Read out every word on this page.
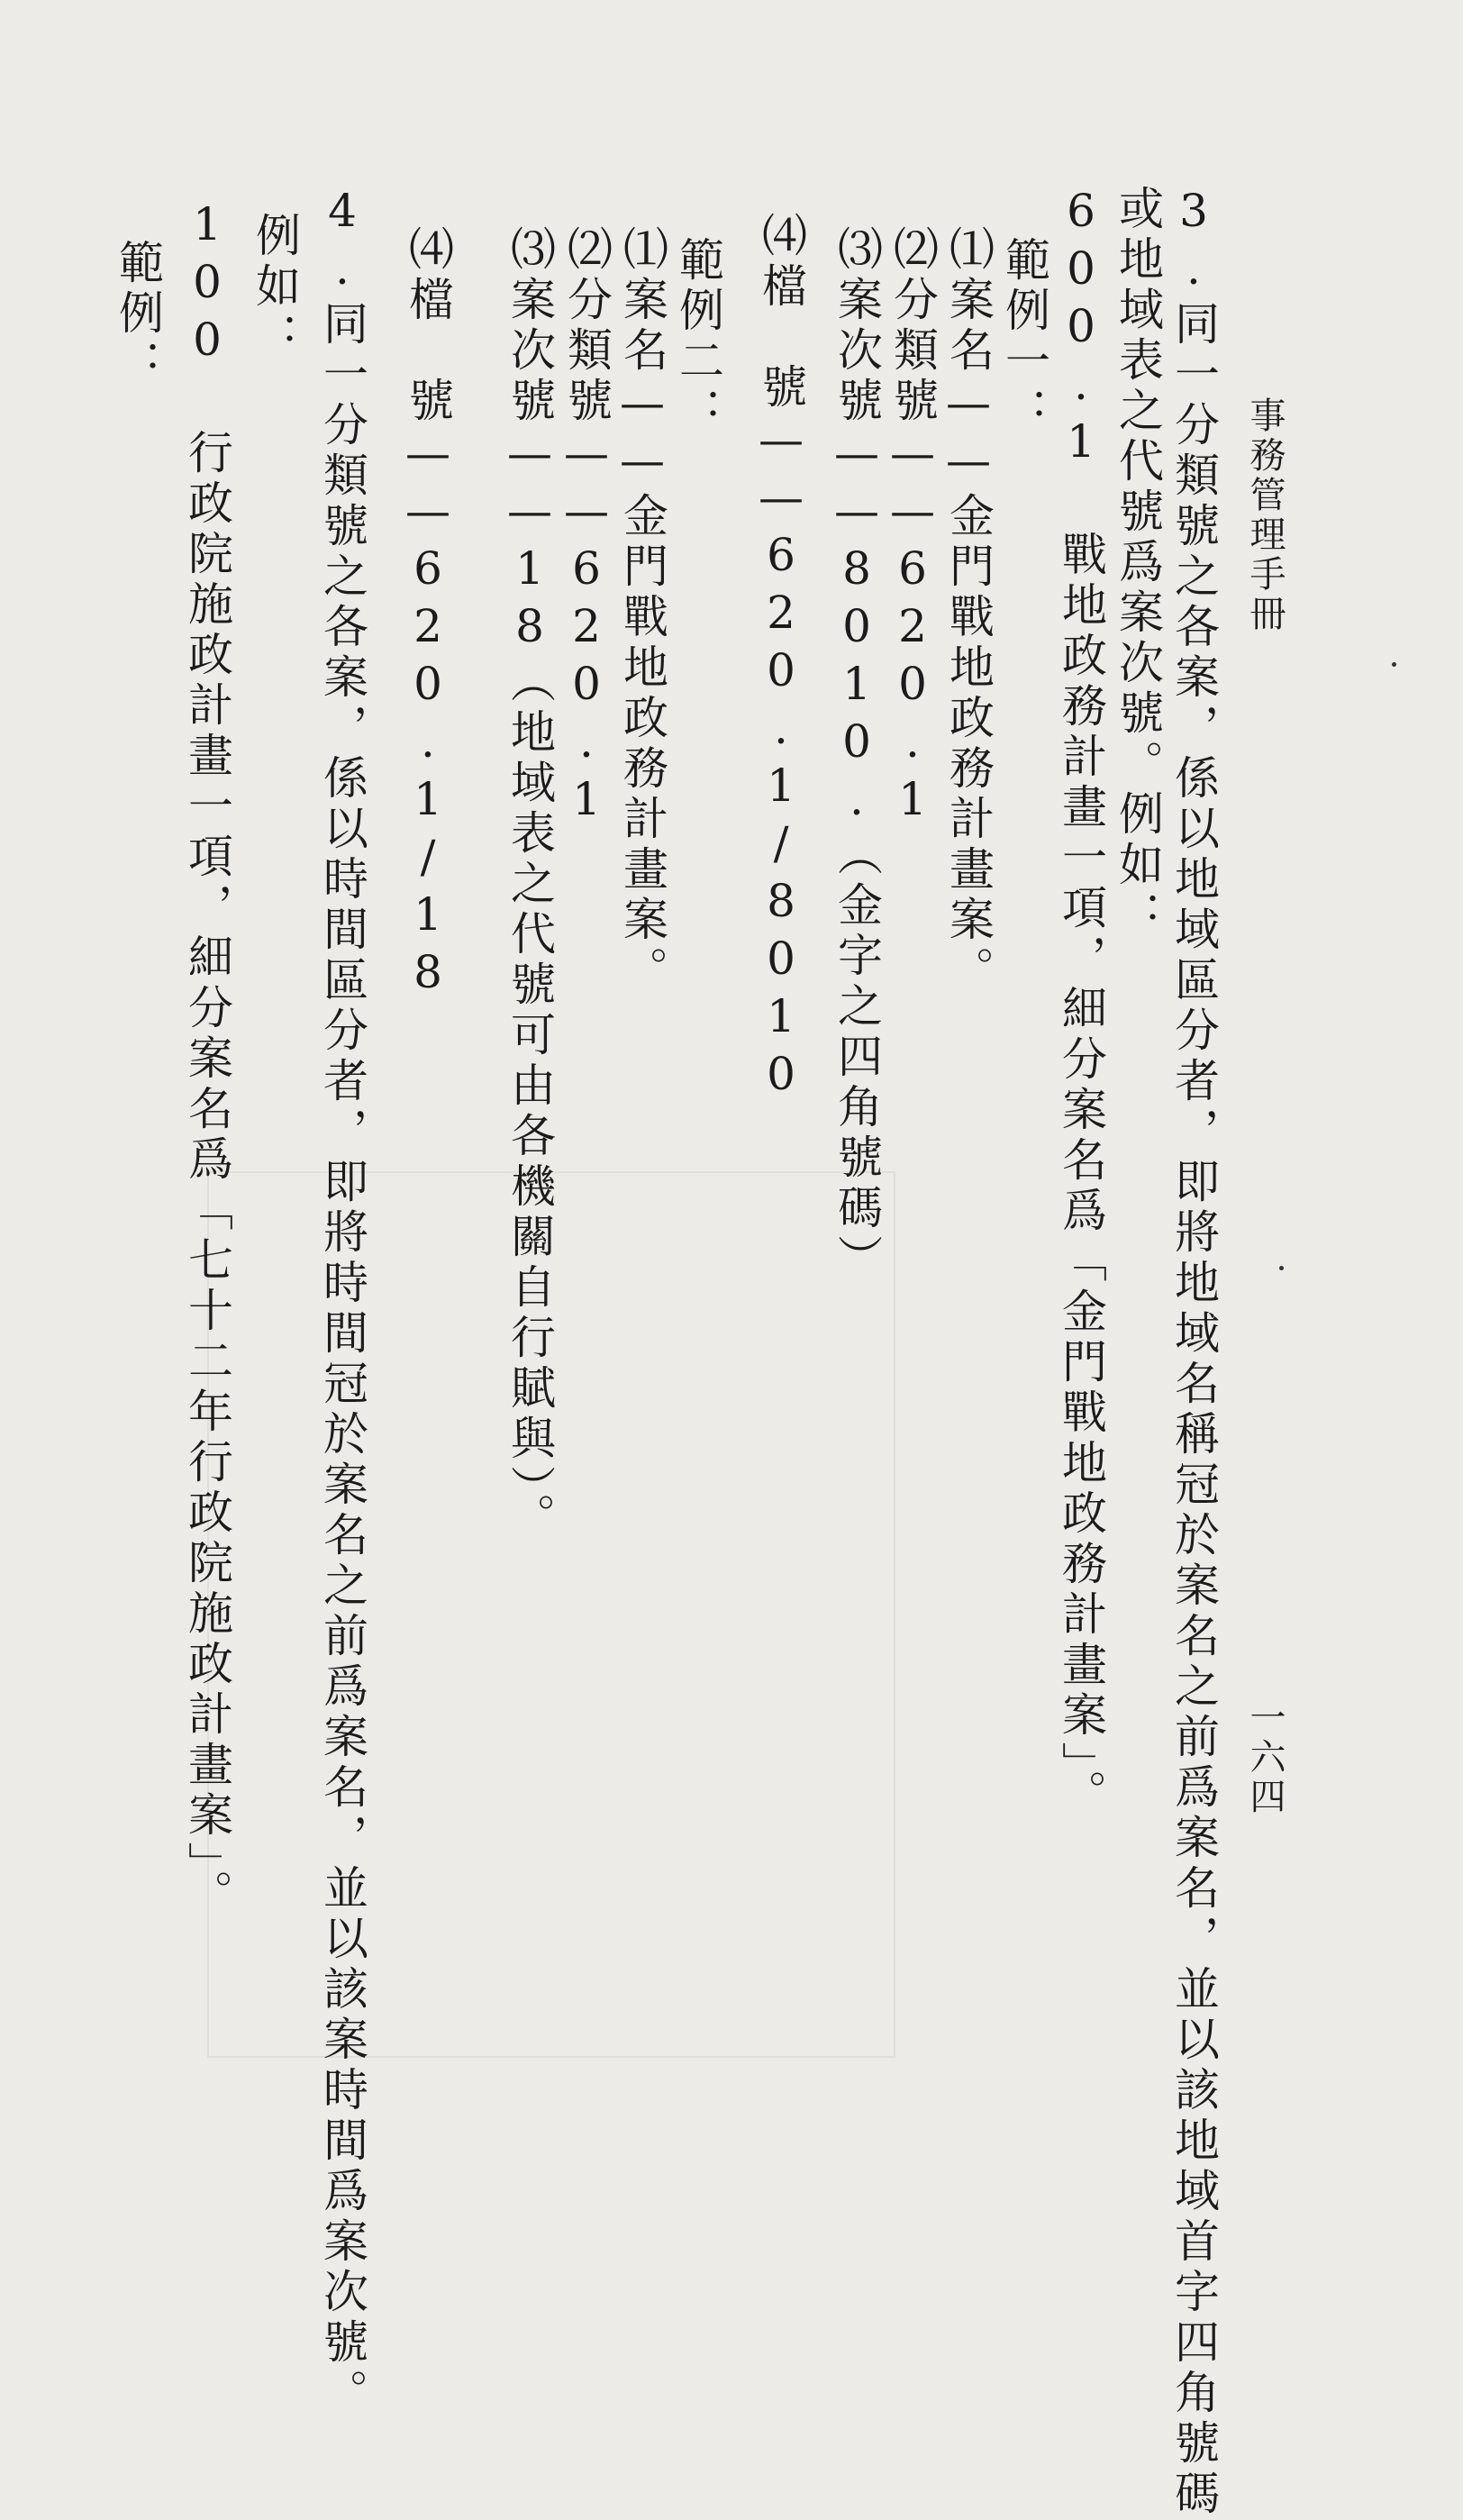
事務管理手冊
一六四
3.同一分類號之各案，係以地域區分者，即將地域名稱冠於案名之前爲案名，並以該地域首字四角號碼
或地域表之代號爲案次號。例如：
600.1 戰地政務計畫一項，細分案名爲「金門戰地政務計畫案」。
範例一：
⑴案名——金門戰地政務計畫案。
⑵分類號——620.1
⑶案次號——8010.（金字之四角號碼）
⑷檔　號——620.1/8010
範例二：
⑴案名——金門戰地政務計畫案。
⑵分類號——620.1
⑶案次號——18（地域表之代號可由各機關自行賦與）。
⑷檔　號——620.1/18
4.同一分類號之各案，係以時間區分者，即將時間冠於案名之前爲案名，並以該案時間爲案次號。
例如：
100 行政院施政計畫一項，細分案名爲「七十二年行政院施政計畫案」。
範例：
